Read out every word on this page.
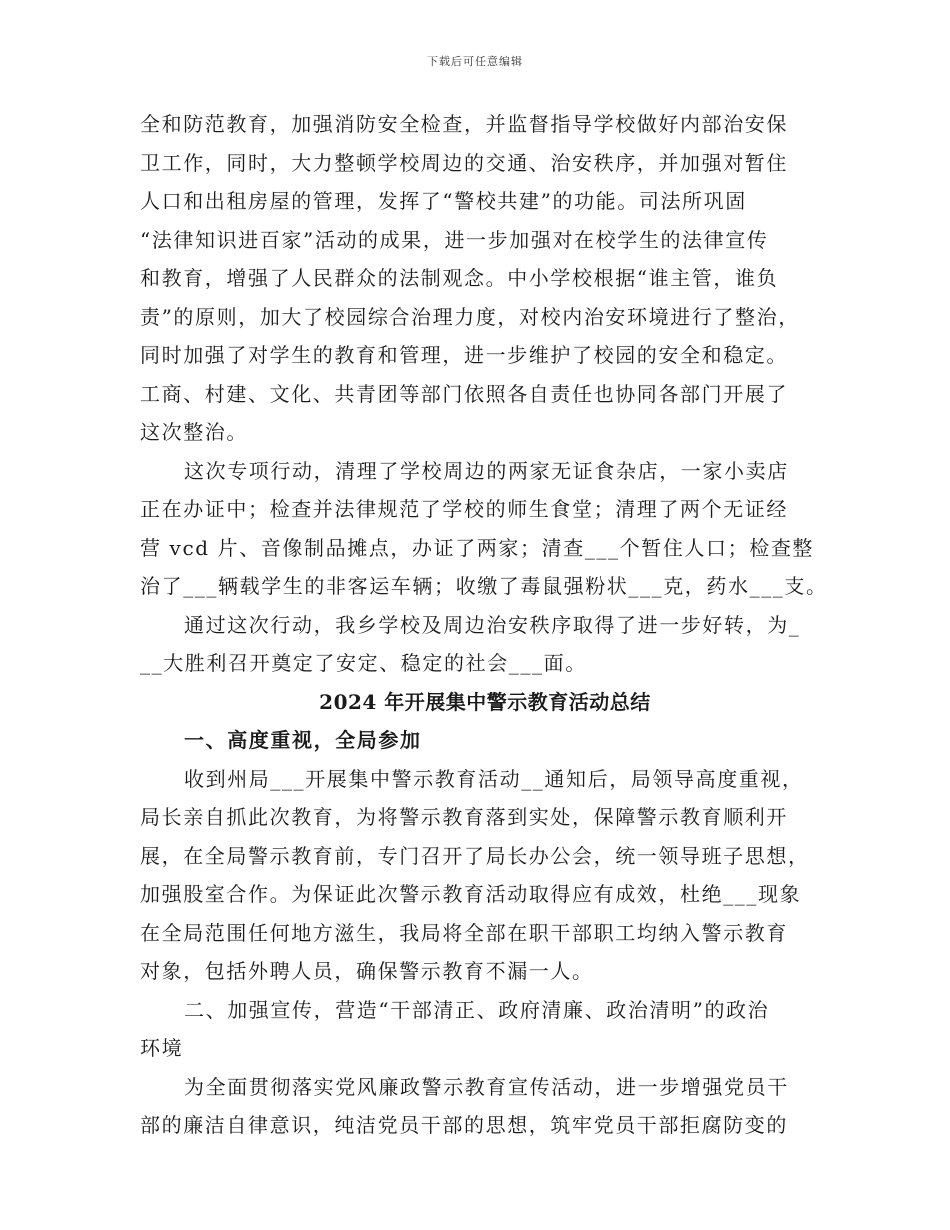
下载后可任意编辑
全和防范教育，加强消防安全检查，并监督指导学校做好内部治安保
卫工作，同时，大力整顿学校周边的交通、治安秩序，并加强对暂住
人口和出租房屋的管理，发挥了“警校共建”的功能。司法所巩固
“法律知识进百家”活动的成果，进一步加强对在校学生的法律宣传
和教育，增强了人民群众的法制观念。中小学校根据“谁主管，谁负
责”的原则，加大了校园综合治理力度，对校内治安环境进行了整治，
同时加强了对学生的教育和管理，进一步维护了校园的安全和稳定。
工商、村建、文化、共青团等部门依照各自责任也协同各部门开展了
这次整治。
这次专项行动，清理了学校周边的两家无证食杂店，一家小卖店
正在办证中；检查并法律规范了学校的师生食堂；清理了两个无证经
营 vcd 片、音像制品摊点，办证了两家；清查___个暂住人口；检查整
治了___辆载学生的非客运车辆；收缴了毒鼠强粉状___克，药水___支。
通过这次行动，我乡学校及周边治安秩序取得了进一步好转，为_
__大胜利召开奠定了安定、稳定的社会___面。
2024 年开展集中警示教育活动总结
一、高度重视，全局参加
收到州局___开展集中警示教育活动__通知后，局领导高度重视，
局长亲自抓此次教育，为将警示教育落到实处，保障警示教育顺利开
展，在全局警示教育前，专门召开了局长办公会，统一领导班子思想，
加强股室合作。为保证此次警示教育活动取得应有成效，杜绝___现象
在全局范围任何地方滋生，我局将全部在职干部职工均纳入警示教育
对象，包括外聘人员，确保警示教育不漏一人。
二、加强宣传，营造“干部清正、政府清廉、政治清明”的政治
环境
为全面贯彻落实党风廉政警示教育宣传活动，进一步增强党员干
部的廉洁自律意识，纯洁党员干部的思想，筑牢党员干部拒腐防变的
